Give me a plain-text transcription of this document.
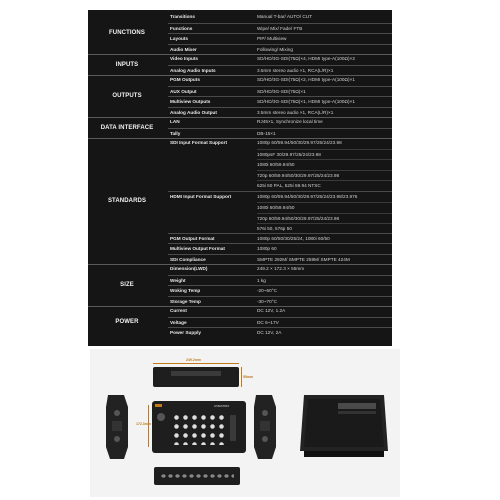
Transitions	Manual T-bar/ AUTO/ CUT
Functions	Wipe/ Mix/ Fade/ FTB
Layouts	PIP/ Multiview
Audio Mixer	Following/ Mixing
FUNCTIONS
Video Inputs	SD/HD/3G-SDI(75Ω)×4, HDMI type-A(100Ω)×2
Analog Audio Inputs	3.5mm stereo audio ×1, RCA(L/R)×1
INPUTS
PGM Outputs	SD/HD/3G-SDI(75Ω)×2, HDMI type-A(100Ω)×1
AUX Output	SD/HD/3G-SDI(75Ω)×1
Multiview Outputs	SD/HD/3G-SDI(75Ω)×1, HDMI type-A(100Ω)×1
Analog Audio Output	3.5mm stereo audio ×1, RCA(L/R)×1
OUTPUTS
LAN	RJ45×1, Synchronize local time
Tally	DB-15×1
DATA INTERFACE
SDI Input Format Support	1080p 60/59.94/50/30/29.97/25/24/23.98
1080psF 30/29.97/25/24/23.98
1080i 60/59.94/50
720p 60/59.94/50/30/29.97/25/24/23.98
625i 50 PAL, 525i 59.94 NTSC
HDMI Input Format Support	1080p 60/59.94/50/30/29.97/25/24/23.98/23.976
1080i 60/59.94/50
720p 60/59.94/50/30/29.97/25/24/23.98
576i 50, 576p 50
PGM Output Format	1080p 60/50/30/25/24, 1080i 60/50
Multiview Output Format	1080p 60
SDI Compliance	SMPTE 292M/ SMPTE 259M/ SMPTE 424M
STANDARDS
Dimension(LWD)	249.2 × 172.3 × 55mm
Weight	1 kg
Woking Temp	-20~60°C
Storage Temp	-30~70°C
SIZE
Current	DC 12V, 1.2A
Voltage	DC 6~17V
Power Supply	DC 12V, 2A
POWER
249.2mm
55mm
172.3mm
AVMATRIX
